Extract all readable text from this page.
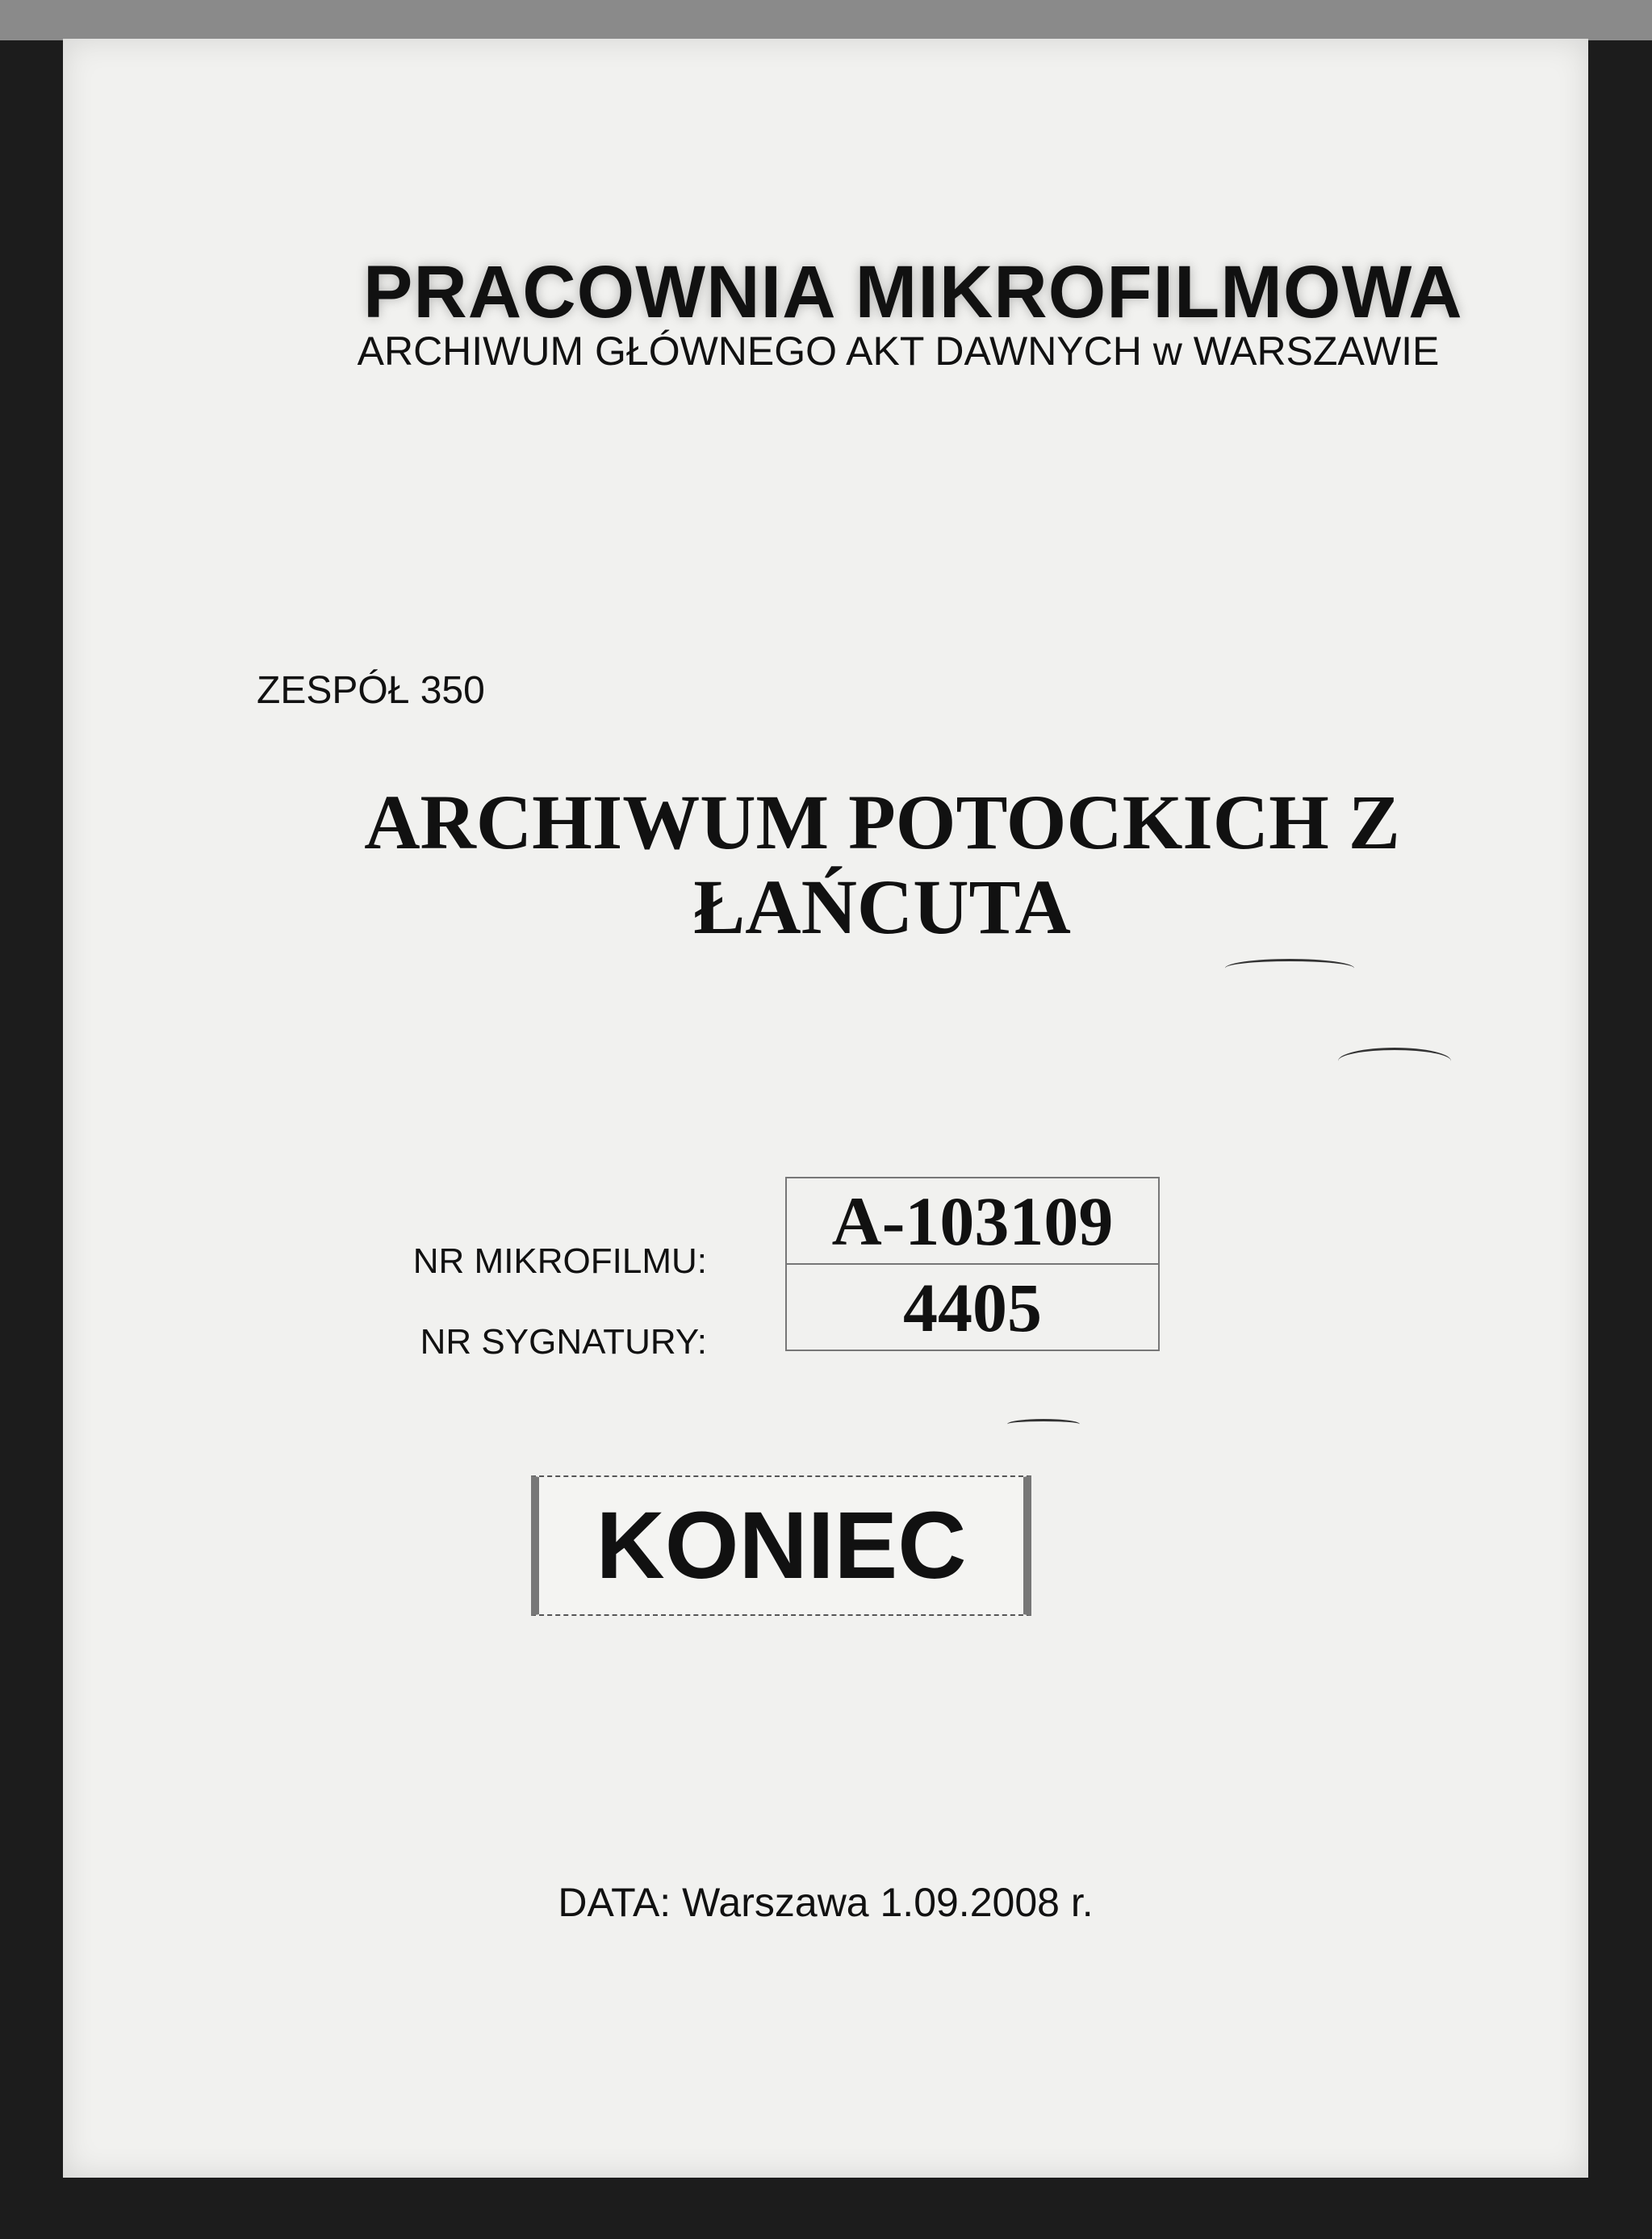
PRACOWNIA MIKROFILMOWA
ARCHIWUM GŁÓWNEGO AKT DAWNYCH w WARSZAWIE
ZESPÓŁ 350
ARCHIWUM POTOCKICH Z
ŁAŃCUTA
NR MIKROFILMU:
NR SYGNATURY:
A-103109
4405
KONIEC
DATA: Warszawa 1.09.2008 r.
